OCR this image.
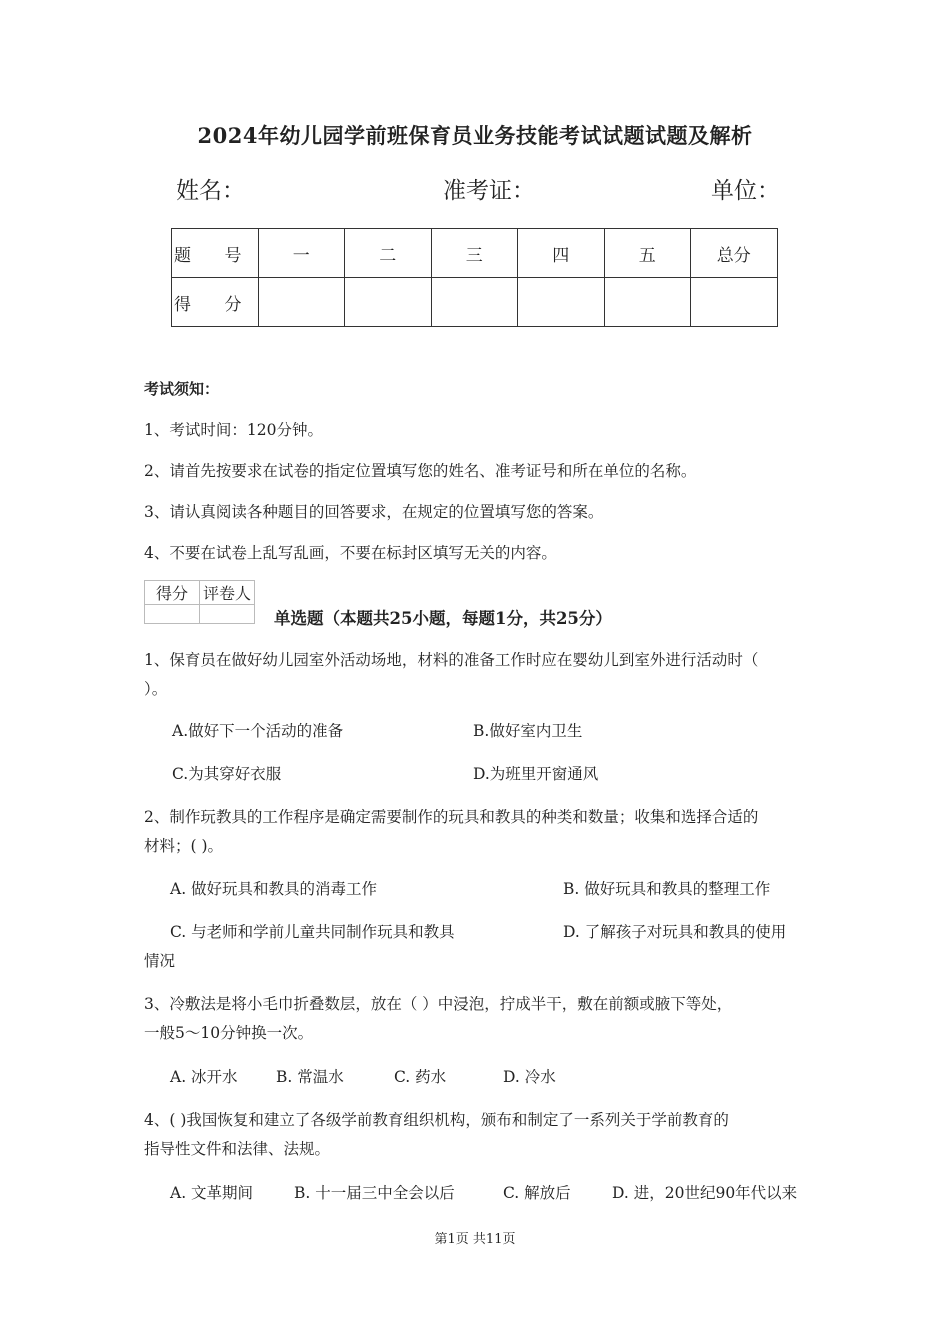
2024年幼儿园学前班保育员业务技能考试试题试题及解析
姓名：	准考证：	单位：
题 号	一	二	三	四	五	总分
得 分						
考试须知：
1、考试时间：120分钟。
2、请首先按要求在试卷的指定位置填写您的姓名、准考证号和所在单位的名称。
3、请认真阅读各种题目的回答要求，在规定的位置填写您的答案。
4、不要在试卷上乱写乱画，不要在标封区填写无关的内容。
得分	评卷人

单选题（本题共25小题，每题1分，共25分）
1、保育员在做好幼儿园室外活动场地，材料的准备工作时应在婴幼儿到室外进行活动时（
）。
A.做好下一个活动的准备	B.做好室内卫生
C.为其穿好衣服	D.为班里开窗通风
2、制作玩教具的工作程序是确定需要制作的玩具和教具的种类和数量；收集和选择合适的
材料；( )。
A. 做好玩具和教具的消毒工作	B. 做好玩具和教具的整理工作
C. 与老师和学前儿童共同制作玩具和教具	D. 了解孩子对玩具和教具的使用
情况
3、冷敷法是将小毛巾折叠数层，放在（ ）中浸泡，拧成半干，敷在前额或腋下等处，
一般5～10分钟换一次。
A. 冰开水 B. 常温水	C. 药水	D. 冷水
4、( )我国恢复和建立了各级学前教育组织机构，颁布和制定了一系列关于学前教育的
指导性文件和法律、法规。
A. 文革期间	B. 十一届三中全会以后	C. 解放后	D. 进，20世纪90年代以来
第1页 共11页
